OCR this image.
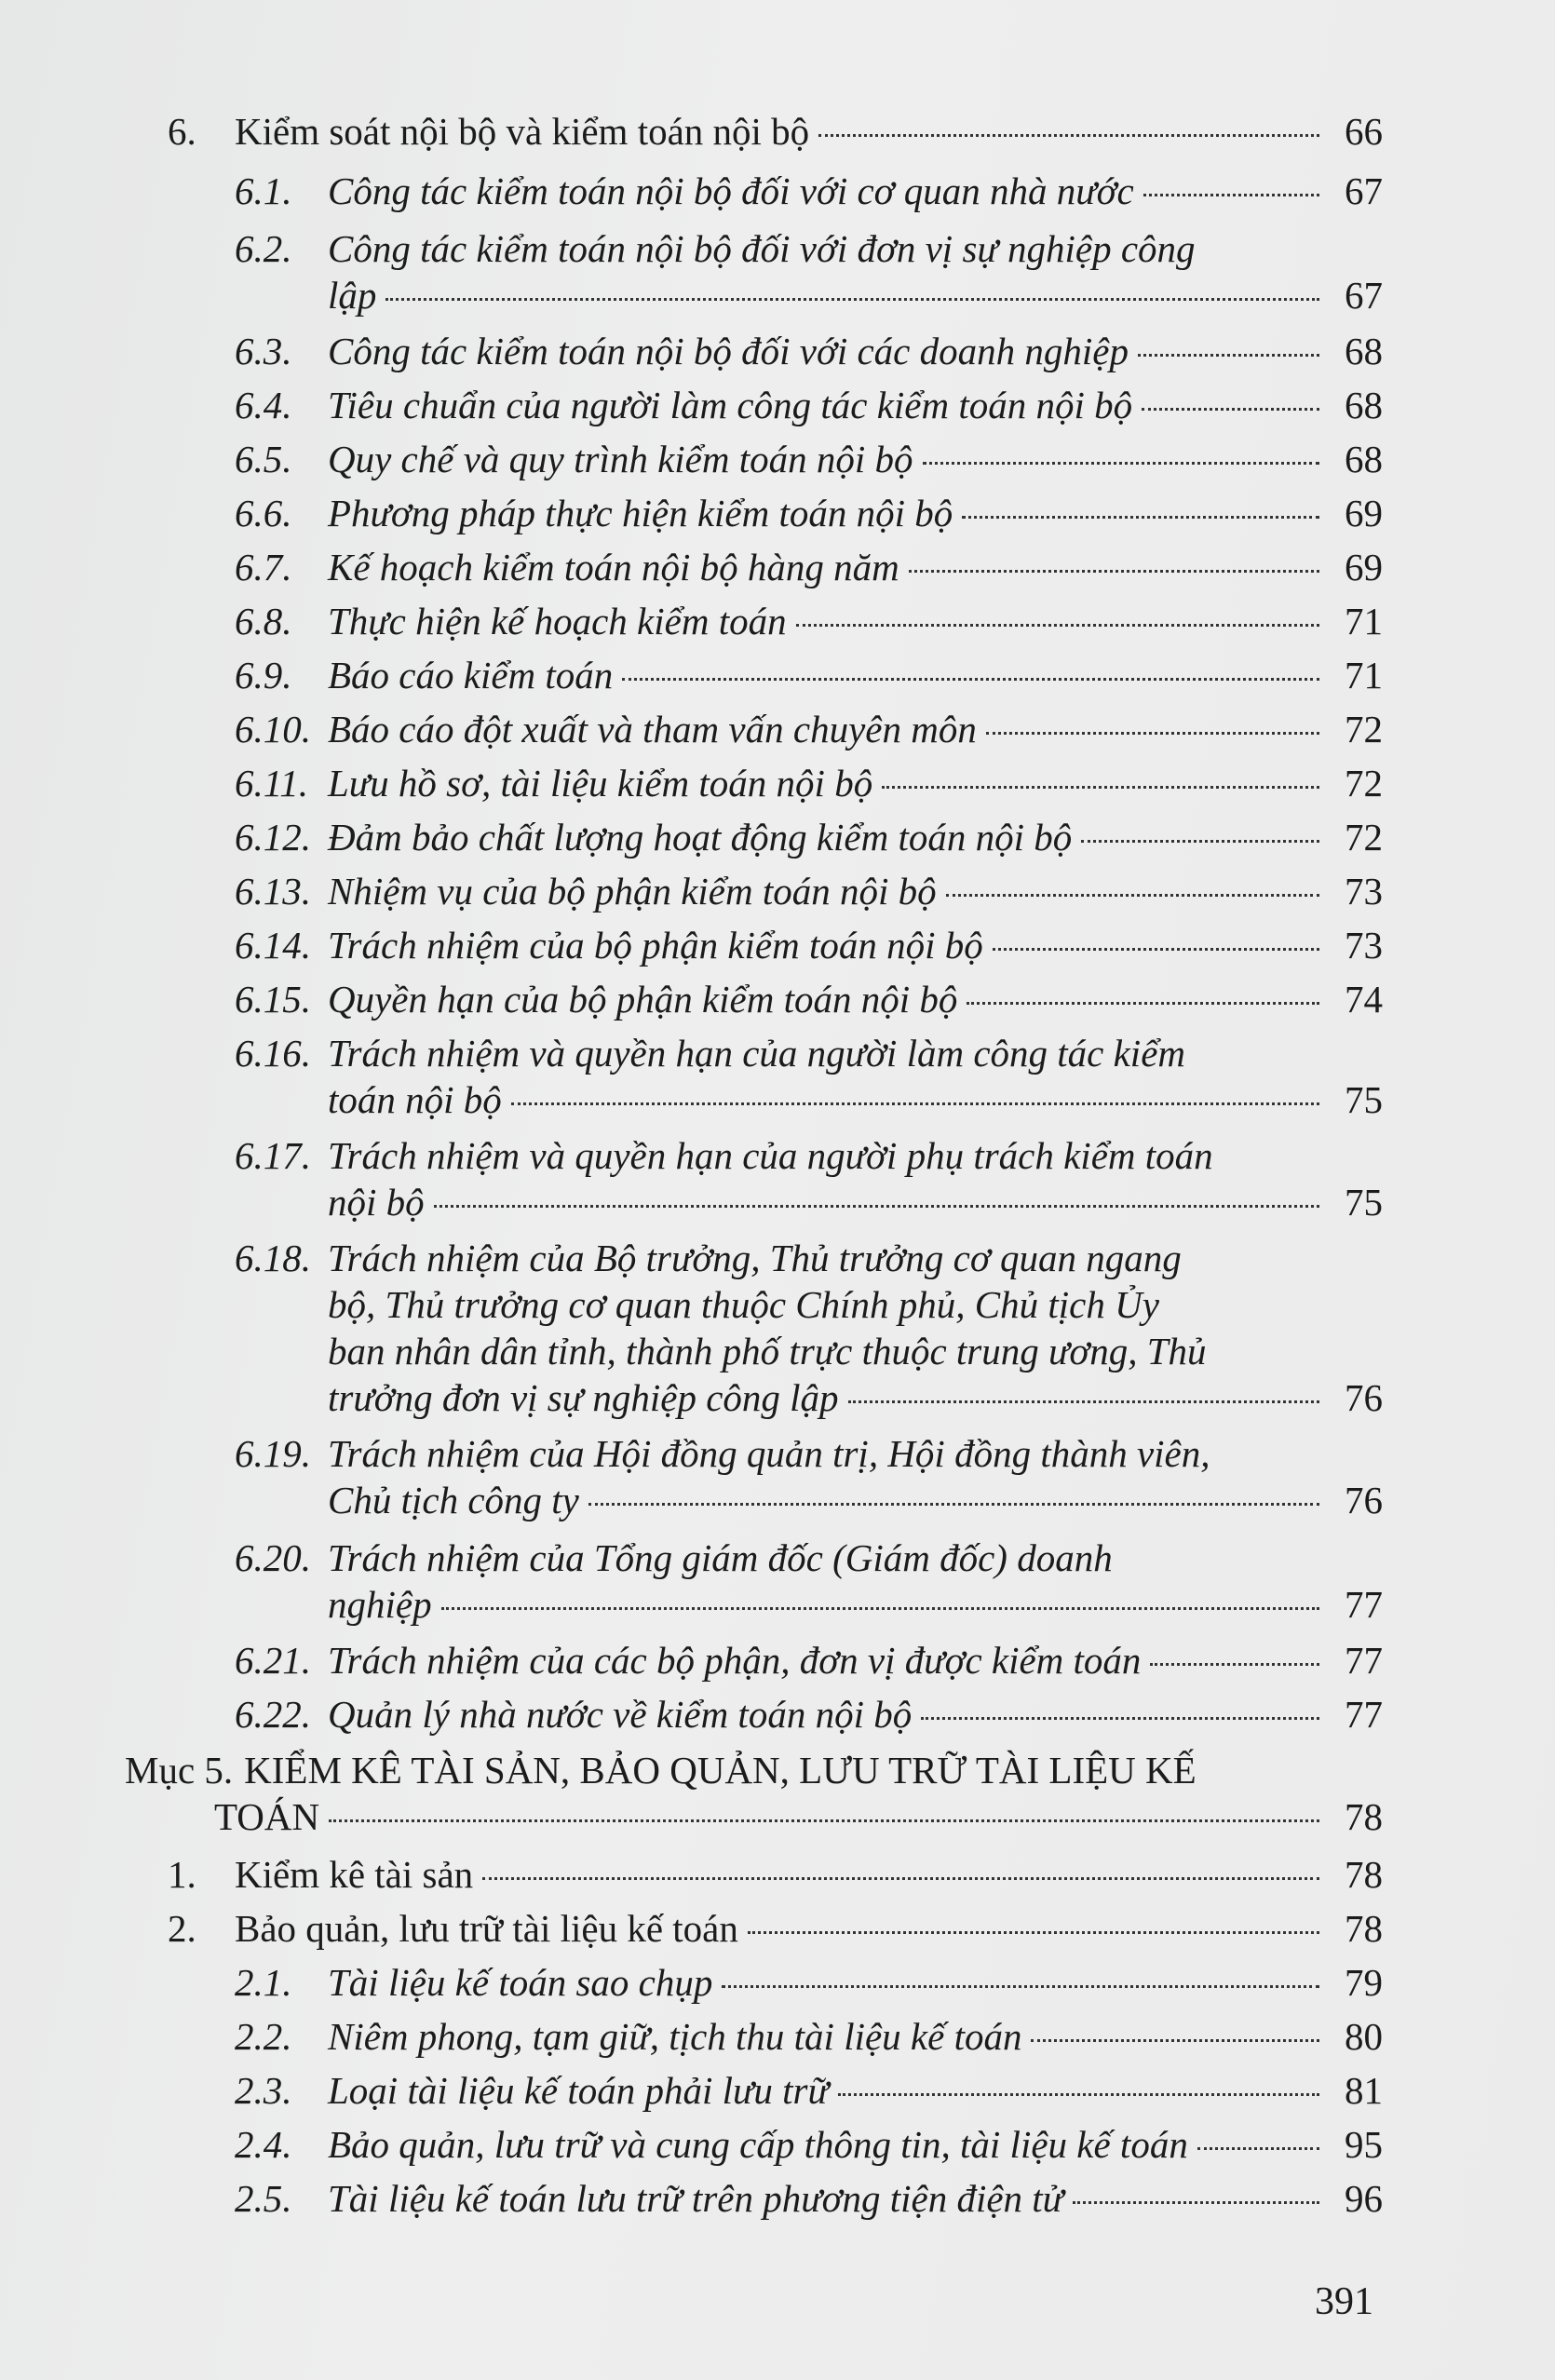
6.	Kiểm soát nội bộ và kiểm toán nội bộ	66
6.1. Công tác kiểm toán nội bộ đối với cơ quan nhà nước	67
6.2. Công tác kiểm toán nội bộ đối với đơn vị sự nghiệp công
lập	67
6.3. Công tác kiểm toán nội bộ đối với các doanh nghiệp	68
6.4. Tiêu chuẩn của người làm công tác kiểm toán nội bộ	68
6.5. Quy chế và quy trình kiểm toán nội bộ	68
6.6. Phương pháp thực hiện kiểm toán nội bộ	69
6.7. Kế hoạch kiểm toán nội bộ hàng năm	69
6.8. Thực hiện kế hoạch kiểm toán	71
6.9. Báo cáo kiểm toán	71
6.10. Báo cáo đột xuất và tham vấn chuyên môn	72
6.11. Lưu hồ sơ, tài liệu kiểm toán nội bộ	72
6.12. Đảm bảo chất lượng hoạt động kiểm toán nội bộ	72
6.13. Nhiệm vụ của bộ phận kiểm toán nội bộ	73
6.14. Trách nhiệm của bộ phận kiểm toán nội bộ	73
6.15. Quyền hạn của bộ phận kiểm toán nội bộ	74
6.16. Trách nhiệm và quyền hạn của người làm công tác kiểm
toán nội bộ	75
6.17. Trách nhiệm và quyền hạn của người phụ trách kiểm toán
nội bộ	75
6.18. Trách nhiệm của Bộ trưởng, Thủ trưởng cơ quan ngang
bộ, Thủ trưởng cơ quan thuộc Chính phủ, Chủ tịch Ủy
ban nhân dân tỉnh, thành phố trực thuộc trung ương, Thủ
trưởng đơn vị sự nghiệp công lập	76
6.19. Trách nhiệm của Hội đồng quản trị, Hội đồng thành viên,
Chủ tịch công ty	76
6.20. Trách nhiệm của Tổng giám đốc (Giám đốc) doanh
nghiệp	77
6.21. Trách nhiệm của các bộ phận, đơn vị được kiểm toán	77
6.22. Quản lý nhà nước về kiểm toán nội bộ	77
Mục 5. KIỂM KÊ TÀI SẢN, BẢO QUẢN, LƯU TRỮ TÀI LIỆU KẾ
TOÁN	78
1.	Kiểm kê tài sản	78
2.	Bảo quản, lưu trữ tài liệu kế toán	78
2.1. Tài liệu kế toán sao chụp	79
2.2. Niêm phong, tạm giữ, tịch thu tài liệu kế toán	80
2.3. Loại tài liệu kế toán phải lưu trữ	81
2.4. Bảo quản, lưu trữ và cung cấp thông tin, tài liệu kế toán	95
2.5. Tài liệu kế toán lưu trữ trên phương tiện điện tử	96
391
